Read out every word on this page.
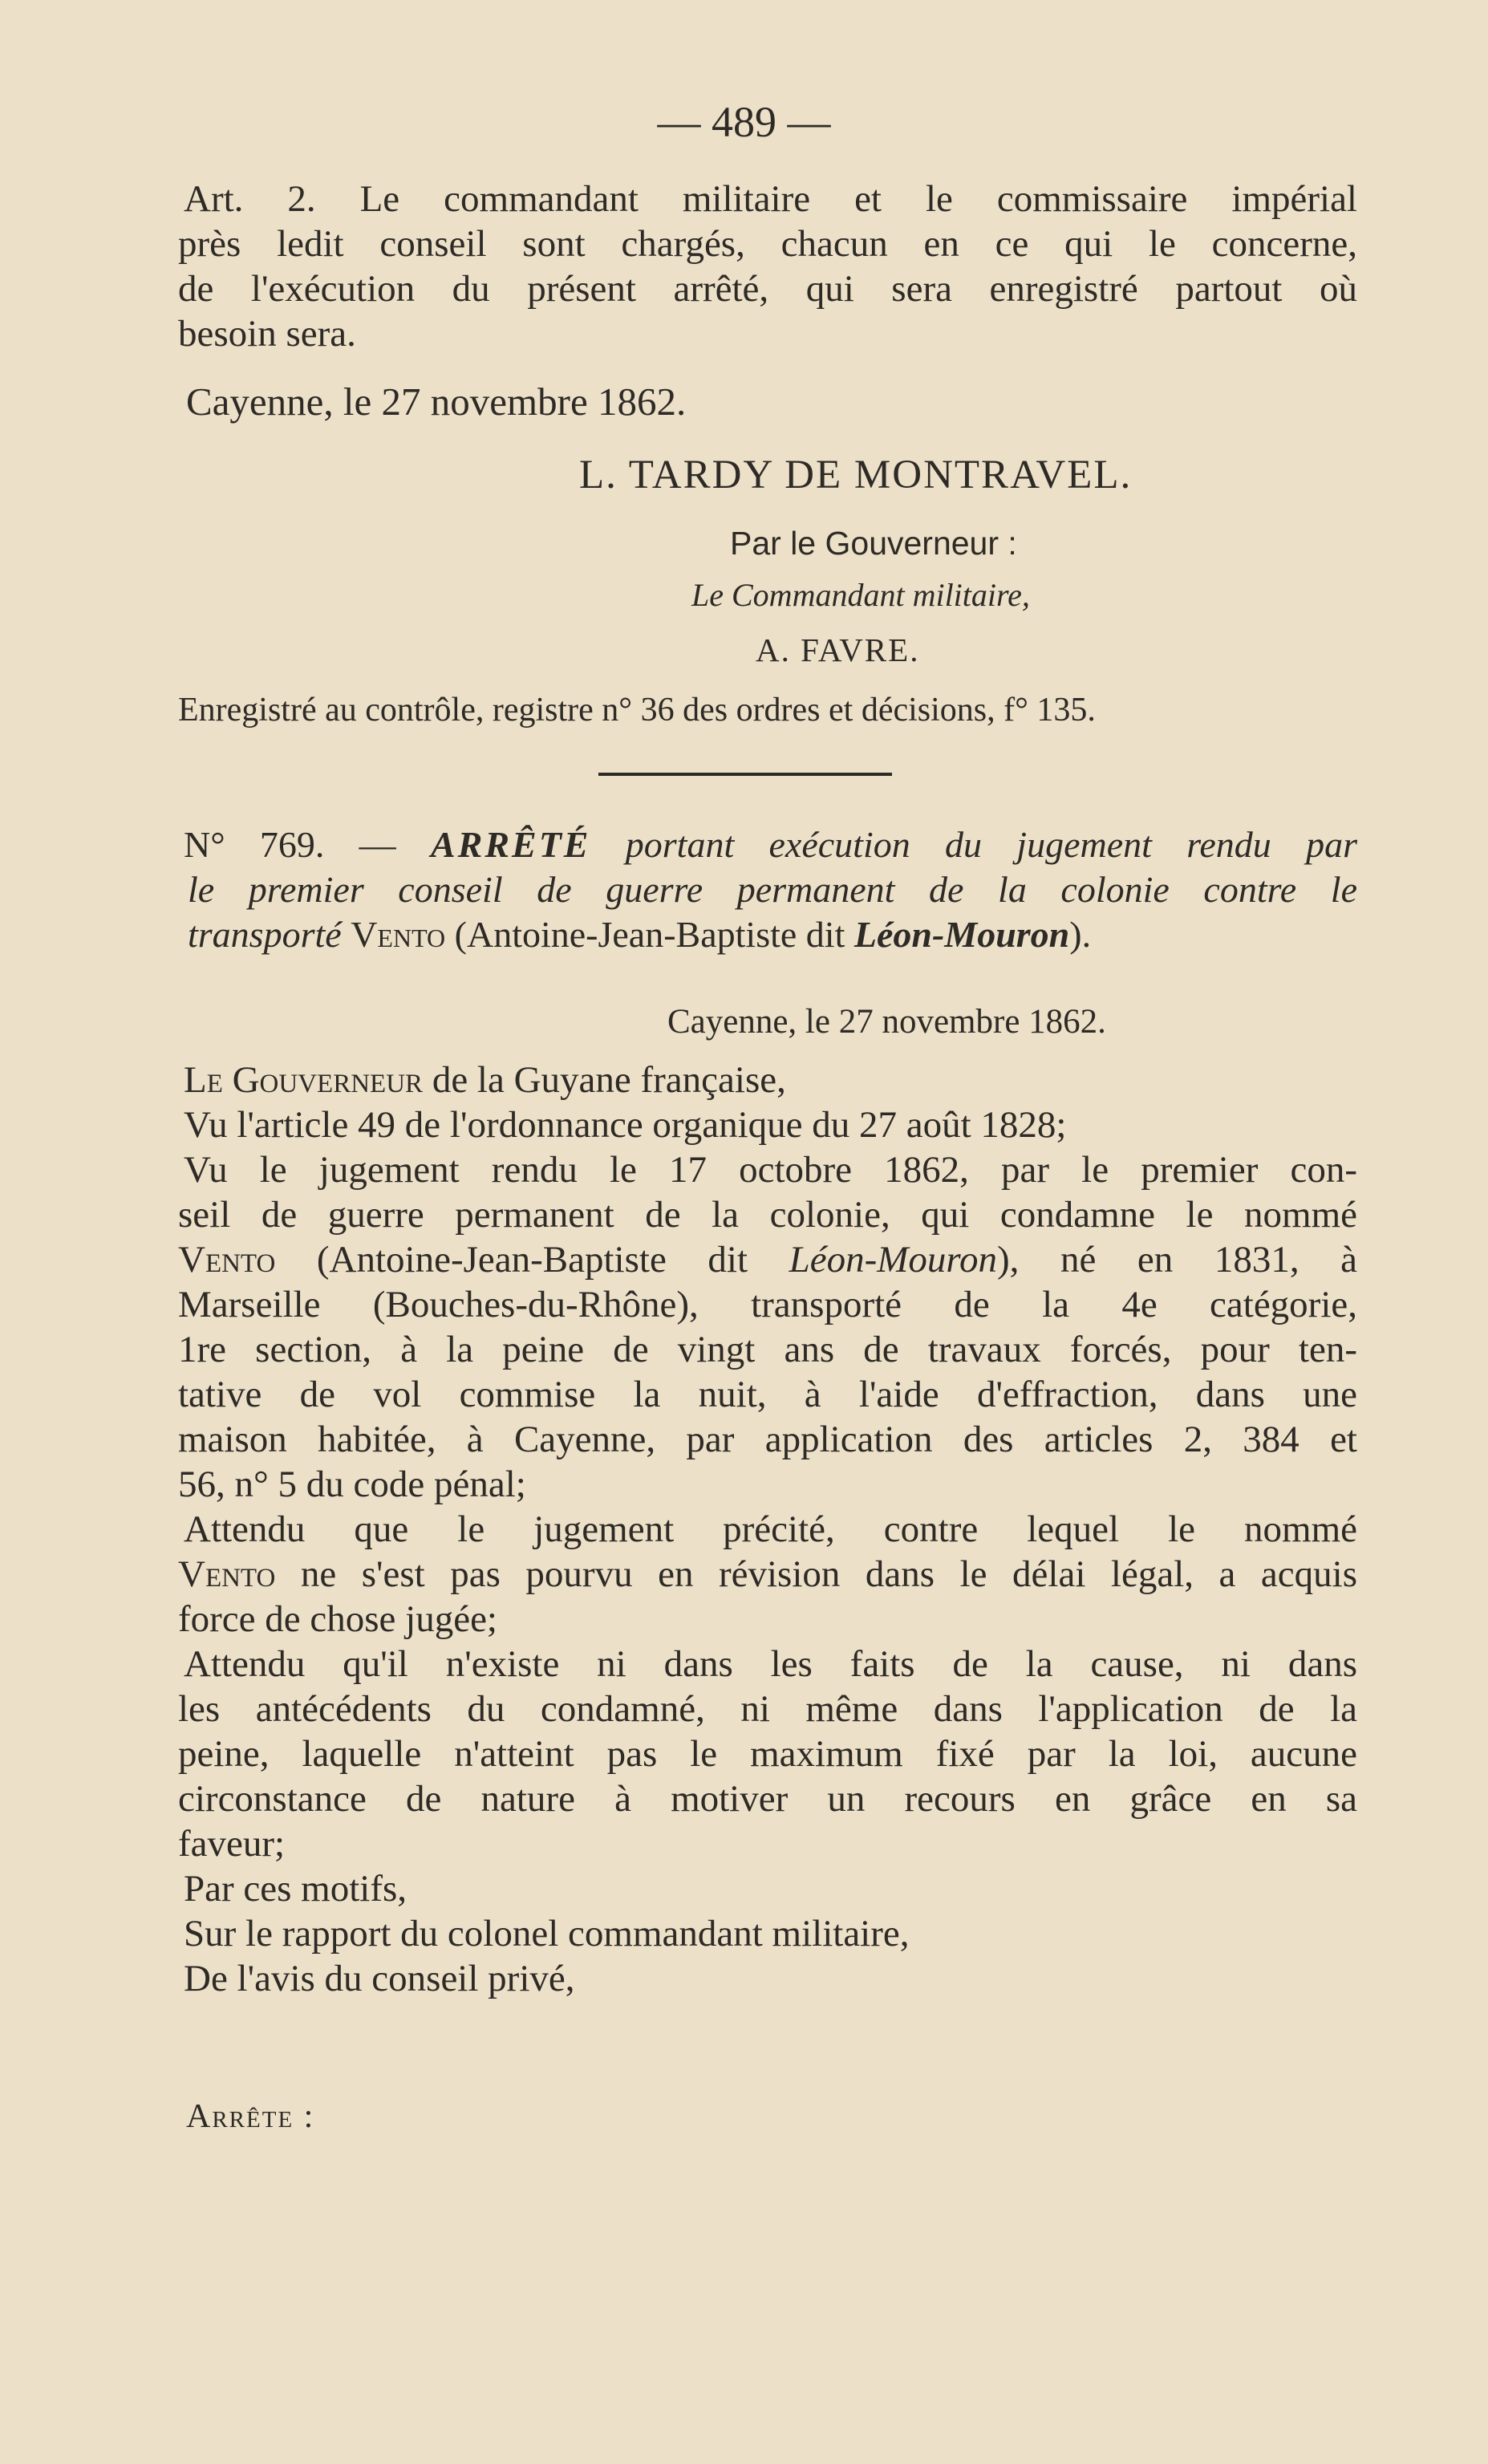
— 489 —
Art. 2. Le commandant militaire et le commissaire impérial
près ledit conseil sont chargés, chacun en ce qui le concerne,
de l'exécution du présent arrêté, qui sera enregistré partout où
besoin sera.
Cayenne, le 27 novembre 1862.
L. TARDY DE MONTRAVEL.
Par le Gouverneur :
Le Commandant militaire,
A. FAVRE.
Enregistré au contrôle, registre n° 36 des ordres et décisions, f° 135.
N° 769. — ARRÊTÉ portant exécution du jugement rendu par
le premier conseil de guerre permanent de la colonie contre le
transporté Vento (Antoine-Jean-Baptiste dit Léon-Mouron).
Cayenne, le 27 novembre 1862.
Le Gouverneur de la Guyane française,
Vu l'article 49 de l'ordonnance organique du 27 août 1828;
Vu le jugement rendu le 17 octobre 1862, par le premier con-
seil de guerre permanent de la colonie, qui condamne le nommé
Vento (Antoine-Jean-Baptiste dit Léon-Mouron), né en 1831, à
Marseille (Bouches-du-Rhône), transporté de la 4e catégorie,
1re section, à la peine de vingt ans de travaux forcés, pour ten-
tative de vol commise la nuit, à l'aide d'effraction, dans une
maison habitée, à Cayenne, par application des articles 2, 384 et
56, n° 5 du code pénal;
Attendu que le jugement précité, contre lequel le nommé
Vento ne s'est pas pourvu en révision dans le délai légal, a acquis
force de chose jugée;
Attendu qu'il n'existe ni dans les faits de la cause, ni dans
les antécédents du condamné, ni même dans l'application de la
peine, laquelle n'atteint pas le maximum fixé par la loi, aucune
circonstance de nature à motiver un recours en grâce en sa
faveur;
Par ces motifs,
Sur le rapport du colonel commandant militaire,
De l'avis du conseil privé,
Arrête :
